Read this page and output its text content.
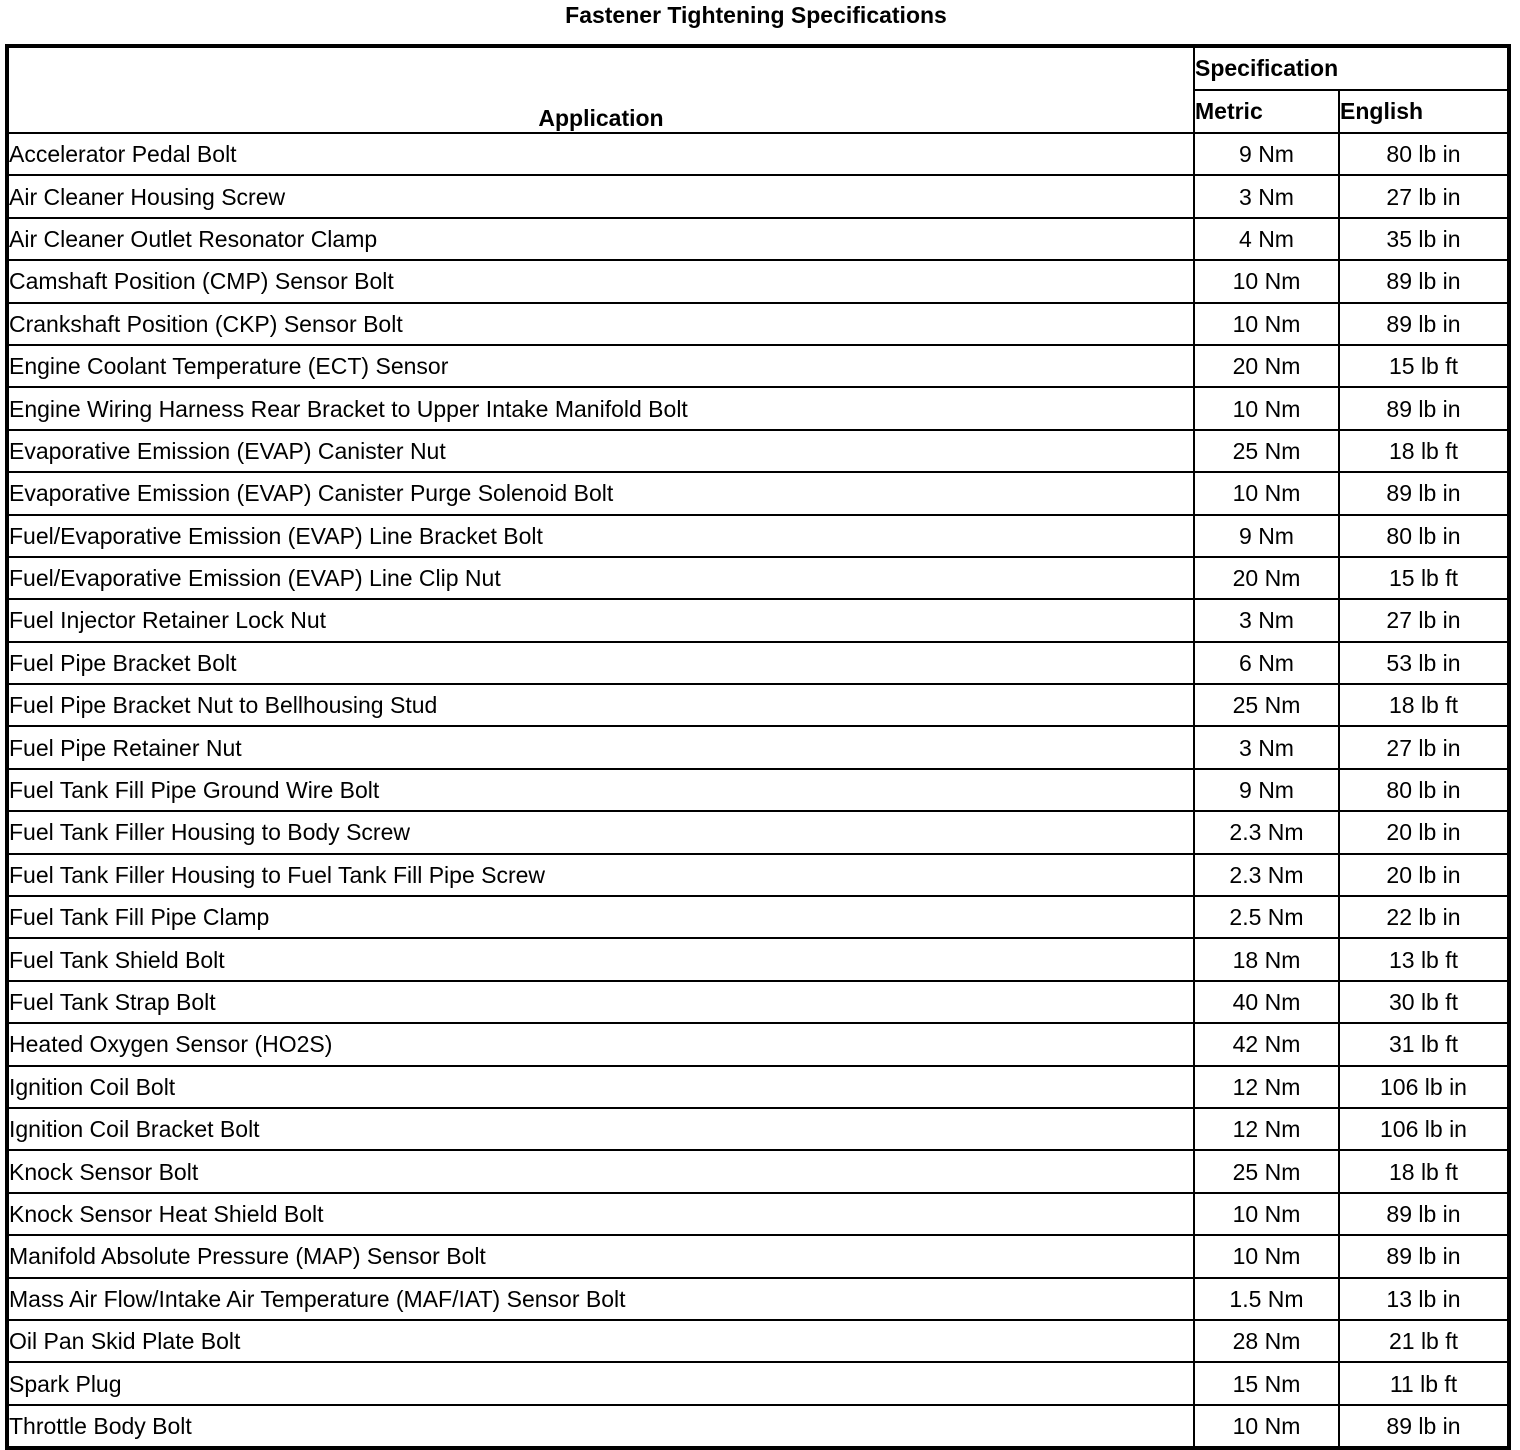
Fastener Tightening Specifications
Application	Specification	
	Metric	English
Accelerator Pedal Bolt	9 Nm	80 lb in
Air Cleaner Housing Screw	3 Nm	27 lb in
Air Cleaner Outlet Resonator Clamp	4 Nm	35 lb in
Camshaft Position (CMP) Sensor Bolt	10 Nm	89 lb in
Crankshaft Position (CKP) Sensor Bolt	10 Nm	89 lb in
Engine Coolant Temperature (ECT) Sensor	20 Nm	15 lb ft
Engine Wiring Harness Rear Bracket to Upper Intake Manifold Bolt	10 Nm	89 lb in
Evaporative Emission (EVAP) Canister Nut	25 Nm	18 lb ft
Evaporative Emission (EVAP) Canister Purge Solenoid Bolt	10 Nm	89 lb in
Fuel/Evaporative Emission (EVAP) Line Bracket Bolt	9 Nm	80 lb in
Fuel/Evaporative Emission (EVAP) Line Clip Nut	20 Nm	15 lb ft
Fuel Injector Retainer Lock Nut	3 Nm	27 lb in
Fuel Pipe Bracket Bolt	6 Nm	53 lb in
Fuel Pipe Bracket Nut to Bellhousing Stud	25 Nm	18 lb ft
Fuel Pipe Retainer Nut	3 Nm	27 lb in
Fuel Tank Fill Pipe Ground Wire Bolt	9 Nm	80 lb in
Fuel Tank Filler Housing to Body Screw	2.3 Nm	20 lb in
Fuel Tank Filler Housing to Fuel Tank Fill Pipe Screw	2.3 Nm	20 lb in
Fuel Tank Fill Pipe Clamp	2.5 Nm	22 lb in
Fuel Tank Shield Bolt	18 Nm	13 lb ft
Fuel Tank Strap Bolt	40 Nm	30 lb ft
Heated Oxygen Sensor (HO2S)	42 Nm	31 lb ft
Ignition Coil Bolt	12 Nm	106 lb in
Ignition Coil Bracket Bolt	12 Nm	106 lb in
Knock Sensor Bolt	25 Nm	18 lb ft
Knock Sensor Heat Shield Bolt	10 Nm	89 lb in
Manifold Absolute Pressure (MAP) Sensor Bolt	10 Nm	89 lb in
Mass Air Flow/Intake Air Temperature (MAF/IAT) Sensor Bolt	1.5 Nm	13 lb in
Oil Pan Skid Plate Bolt	28 Nm	21 lb ft
Spark Plug	15 Nm	11 lb ft
Throttle Body Bolt	10 Nm	89 lb in
